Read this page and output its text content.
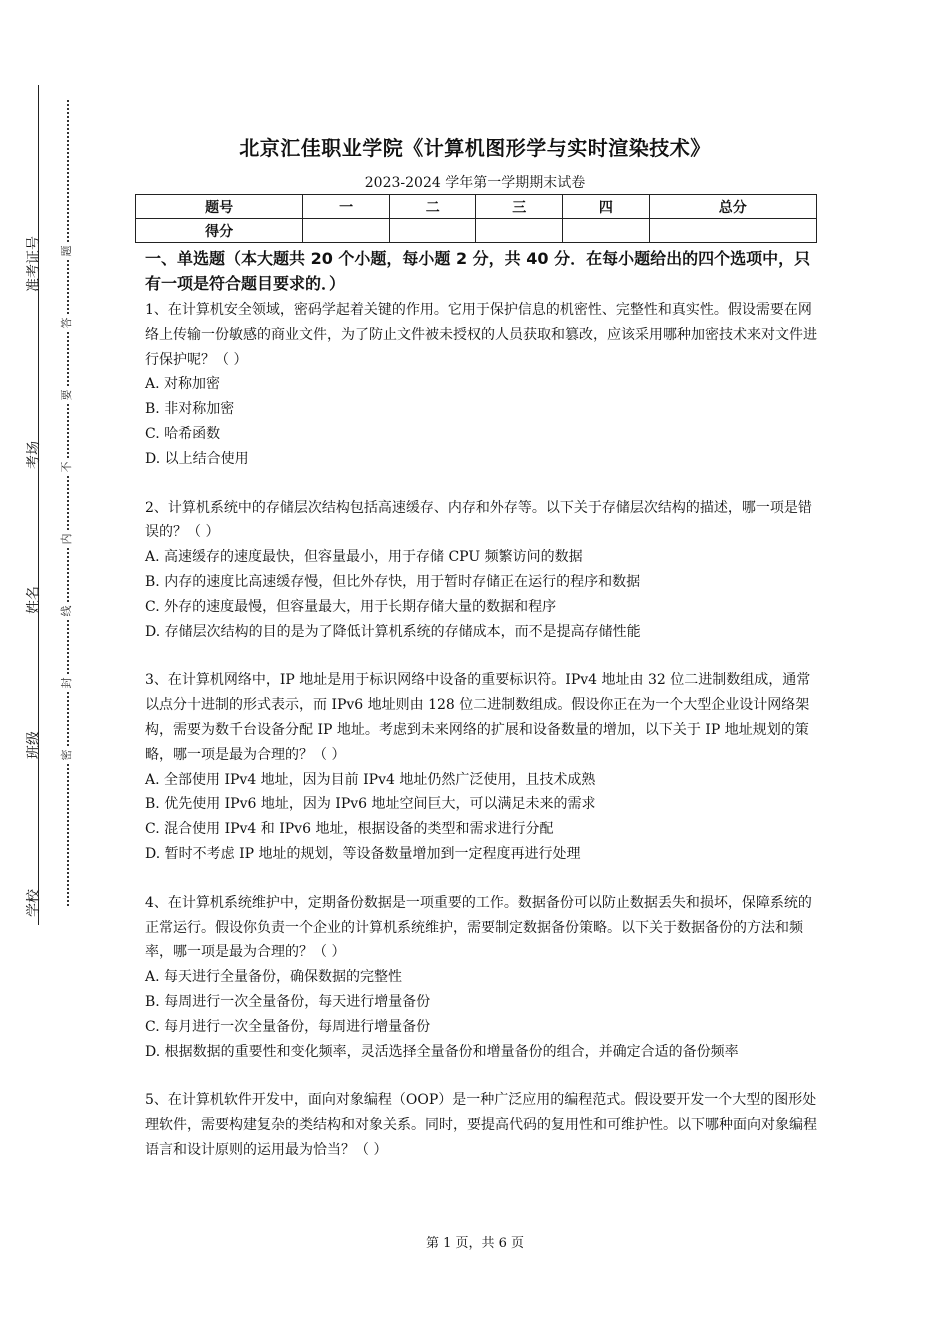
准考证号
考场
姓名
班级
学校
题
答
要
不
内
线
封
密
北京汇佳职业学院《计算机图形学与实时渲染技术》
2023-2024 学年第一学期期末试卷
题号	一	二	三	四	总分
得分					
一、单选题（本大题共 20 个小题，每小题 2 分，共 40 分．在每小题给出的四个选项中，只有一项是符合题目要求的．）

1、在计算机安全领域，密码学起着关键的作用。它用于保护信息的机密性、完整性和真实性。假设需要在网络上传输一份敏感的商业文件，为了防止文件被未授权的人员获取和篡改，应该采用哪种加密技术来对文件进行保护呢？（ ）

A. 对称加密
B. 非对称加密
C. 哈希函数
D. 以上结合使用

2、计算机系统中的存储层次结构包括高速缓存、内存和外存等。以下关于存储层次结构的描述，哪一项是错误的？（ ）

A. 高速缓存的速度最快，但容量最小，用于存储 CPU 频繁访问的数据
B. 内存的速度比高速缓存慢，但比外存快，用于暂时存储正在运行的程序和数据
C. 外存的速度最慢，但容量最大，用于长期存储大量的数据和程序
D. 存储层次结构的目的是为了降低计算机系统的存储成本，而不是提高存储性能

3、在计算机网络中，IP 地址是用于标识网络中设备的重要标识符。IPv4 地址由 32 位二进制数组成，通常以点分十进制的形式表示，而 IPv6 地址则由 128 位二进制数组成。假设你正在为一个大型企业设计网络架构，需要为数千台设备分配 IP 地址。考虑到未来网络的扩展和设备数量的增加，以下关于 IP 地址规划的策略，哪一项是最为合理的？（ ）

A. 全部使用 IPv4 地址，因为目前 IPv4 地址仍然广泛使用，且技术成熟
B. 优先使用 IPv6 地址，因为 IPv6 地址空间巨大，可以满足未来的需求
C. 混合使用 IPv4 和 IPv6 地址，根据设备的类型和需求进行分配
D. 暂时不考虑 IP 地址的规划，等设备数量增加到一定程度再进行处理

4、在计算机系统维护中，定期备份数据是一项重要的工作。数据备份可以防止数据丢失和损坏，保障系统的正常运行。假设你负责一个企业的计算机系统维护，需要制定数据备份策略。以下关于数据备份的方法和频率，哪一项是最为合理的？（ ）

A. 每天进行全量备份，确保数据的完整性
B. 每周进行一次全量备份，每天进行增量备份
C. 每月进行一次全量备份，每周进行增量备份
D. 根据数据的重要性和变化频率，灵活选择全量备份和增量备份的组合，并确定合适的备份频率

5、在计算机软件开发中，面向对象编程（OOP）是一种广泛应用的编程范式。假设要开发一个大型的图形处理软件，需要构建复杂的类结构和对象关系。同时，要提高代码的复用性和可维护性。以下哪种面向对象编程语言和设计原则的运用最为恰当？（ ）

第 1 页，共 6 页
